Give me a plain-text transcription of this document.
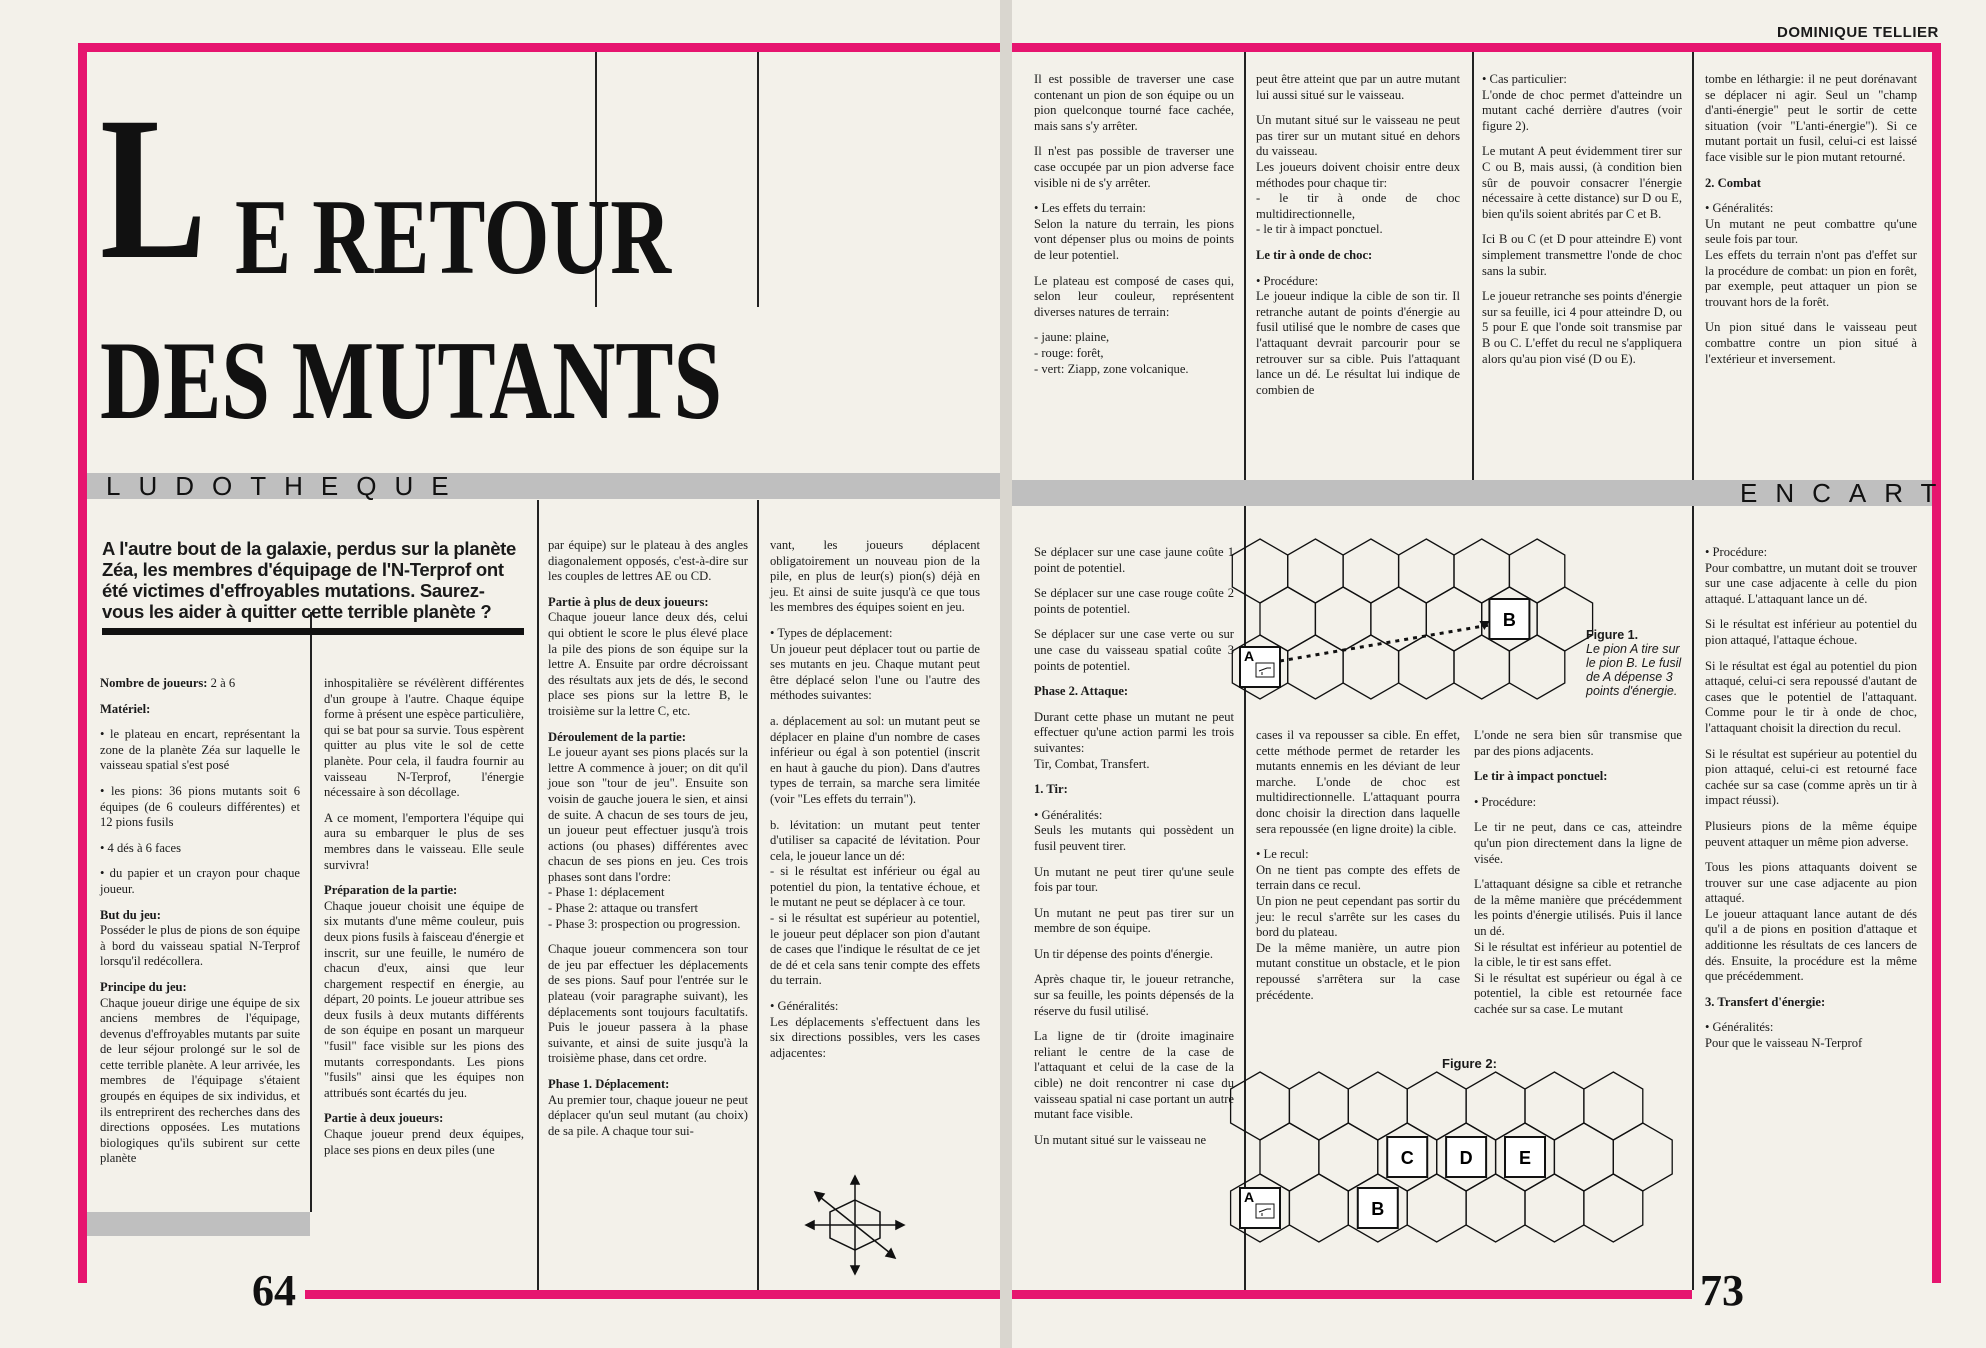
L E RETOUR
DES MUTANTS
LUDOTHEQUE
A l'autre bout de la galaxie, perdus sur la planète Zéa, les membres d'équipage de l'N-Terprof ont été victimes d'effroyables mutations. Saurez-vous les aider à quitter cette terrible planète ?

Nombre de joueurs: 2 à 6

Matériel:

• le plateau en encart, représentant la zone de la planète Zéa sur laquelle le vaisseau spatial s'est posé

• les pions: 36 pions mutants soit 6 équipes (de 6 couleurs différentes) et 12 pions fusils

• 4 dés à 6 faces

• du papier et un crayon pour chaque joueur.

But du jeu:
Posséder le plus de pions de son équipe à bord du vaisseau spatial N-Terprof lorsqu'il redécollera.

Principe du jeu:
Chaque joueur dirige une équipe de six anciens membres de l'équipage, devenus d'effroyables mutants par suite de leur séjour prolongé sur le sol de cette terrible planète. A leur arrivée, les membres de l'équipage s'étaient groupés en équipes de six individus, et ils entreprirent des recherches dans des directions opposées. Les mutations biologiques qu'ils subirent sur cette planète

inhospitalière se révélèrent différentes d'un groupe à l'autre. Chaque équipe forme à présent une espèce particulière, qui se bat pour sa survie. Tous espèrent quitter au plus vite le sol de cette planète. Pour cela, il faudra fournir au vaisseau N-Terprof, l'énergie nécessaire à son décollage.

A ce moment, l'emportera l'équipe qui aura su embarquer le plus de ses membres dans le vaisseau. Elle seule survivra!

Préparation de la partie:
Chaque joueur choisit une équipe de six mutants d'une même couleur, puis deux pions fusils à faisceau d'énergie et inscrit, sur une feuille, le numéro de chacun d'eux, ainsi que leur chargement respectif en énergie, au départ, 20 points. Le joueur attribue ses deux fusils à deux mutants différents de son équipe en posant un marqueur "fusil" face visible sur les pions des mutants correspondants. Les pions "fusils" ainsi que les équipes non attribués sont écartés du jeu.

Partie à deux joueurs:
Chaque joueur prend deux équipes, place ses pions en deux piles (une

par équipe) sur le plateau à des angles diagonalement opposés, c'est-à-dire sur les couples de lettres AE ou CD.

Partie à plus de deux joueurs:
Chaque joueur lance deux dés, celui qui obtient le score le plus élevé place la pile des pions de son équipe sur la lettre A. Ensuite par ordre décroissant des résultats aux jets de dés, le second place ses pions sur la lettre B, le troisième sur la lettre C, etc.

Déroulement de la partie:
Le joueur ayant ses pions placés sur la lettre A commence à jouer; on dit qu'il joue son "tour de jeu". Ensuite son voisin de gauche jouera le sien, et ainsi de suite. A chacun de ses tours de jeu, un joueur peut effectuer jusqu'à trois actions (ou phases) différentes avec chacun de ses pions en jeu. Ces trois phases sont dans l'ordre:
- Phase 1: déplacement
- Phase 2: attaque ou transfert
- Phase 3: prospection ou progression.

Chaque joueur commencera son tour de jeu par effectuer les déplacements de ses pions. Sauf pour l'entrée sur le plateau (voir paragraphe suivant), les déplacements sont toujours facultatifs. Puis le joueur passera à la phase suivante, et ainsi de suite jusqu'à la troisième phase, dans cet ordre.

Phase 1. Déplacement:
Au premier tour, chaque joueur ne peut déplacer qu'un seul mutant (au choix) de sa pile. A chaque tour sui-

vant, les joueurs déplacent obligatoirement un nouveau pion de la pile, en plus de leur(s) pion(s) déjà en jeu. Et ainsi de suite jusqu'à ce que tous les membres des équipes soient en jeu.

• Types de déplacement:
Un joueur peut déplacer tout ou partie de ses mutants en jeu. Chaque mutant peut être déplacé selon l'une ou l'autre des méthodes suivantes:

a. déplacement au sol: un mutant peut se déplacer en plaine d'un nombre de cases inférieur ou égal à son potentiel (inscrit en haut à gauche du pion). Dans d'autres types de terrain, sa marche sera limitée (voir "Les effets du terrain").

b. lévitation: un mutant peut tenter d'utiliser sa capacité de lévitation. Pour cela, le joueur lance un dé:
- si le résultat est inférieur ou égal au potentiel du pion, la tentative échoue, et le mutant ne peut se déplacer à ce tour.
- si le résultat est supérieur au potentiel, le joueur peut déplacer son pion d'autant de cases que l'indique le résultat de ce jet de dé et cela sans tenir compte des effets du terrain.

• Généralités:
Les déplacements s'effectuent dans les six directions possibles, vers les cases adjacentes:

64
DOMINIQUE TELLIER

Il est possible de traverser une case contenant un pion de son équipe ou un pion quelconque tourné face cachée, mais sans s'y arrêter.

Il n'est pas possible de traverser une case occupée par un pion adverse face visible ni de s'y arrêter.

• Les effets du terrain:
Selon la nature du terrain, les pions vont dépenser plus ou moins de points de leur potentiel.

Le plateau est composé de cases qui, selon leur couleur, représentent diverses natures de terrain:

- jaune: plaine,
- rouge: forêt,
- vert: Ziapp, zone volcanique.

peut être atteint que par un autre mutant lui aussi situé sur le vaisseau.

Un mutant situé sur le vaisseau ne peut pas tirer sur un mutant situé en dehors du vaisseau.
Les joueurs doivent choisir entre deux méthodes pour chaque tir:
- le tir à onde de choc multidirectionnelle,
- le tir à impact ponctuel.

Le tir à onde de choc:

• Procédure:
Le joueur indique la cible de son tir. Il retranche autant de points d'énergie au fusil utilisé que le nombre de cases que l'attaquant devrait parcourir pour se retrouver sur sa cible. Puis l'attaquant lance un dé. Le résultat lui indique de combien de

• Cas particulier:
L'onde de choc permet d'atteindre un mutant caché derrière d'autres (voir figure 2).

Le mutant A peut évidemment tirer sur C ou B, mais aussi, (à condition bien sûr de pouvoir consacrer l'énergie nécessaire à cette distance) sur D ou E, bien qu'ils soient abrités par C et B.

Ici B ou C (et D pour atteindre E) vont simplement transmettre l'onde de choc sans la subir.

Le joueur retranche ses points d'énergie sur sa feuille, ici 4 pour atteindre D, ou 5 pour E que l'onde soit transmise par B ou C. L'effet du recul ne s'appliquera alors qu'au pion visé (D ou E).

tombe en léthargie: il ne peut dorénavant se déplacer ni agir. Seul un "champ d'anti-énergie" peut le sortir de cette situation (voir "L'anti-énergie"). Si ce mutant portait un fusil, celui-ci est laissé face visible sur le pion mutant retourné.

2. Combat

• Généralités:
Un mutant ne peut combattre qu'une seule fois par tour.
Les effets du terrain n'ont pas d'effet sur la procédure de combat: un pion en forêt, par exemple, peut attaquer un pion se trouvant hors de la forêt.

Un pion situé dans le vaisseau peut combattre contre un pion situé à l'extérieur et inversement.

ENCART

Se déplacer sur une case jaune coûte 1 point de potentiel.

Se déplacer sur une case rouge coûte 2 points de potentiel.

Se déplacer sur une case verte ou sur une case du vaisseau spatial coûte 3 points de potentiel.

Phase 2. Attaque:

Durant cette phase un mutant ne peut effectuer qu'une action parmi les trois suivantes:
Tir, Combat, Transfert.

1. Tir:

• Généralités:
Seuls les mutants qui possèdent un fusil peuvent tirer.

Un mutant ne peut tirer qu'une seule fois par tour.

Un mutant ne peut pas tirer sur un membre de son équipe.

Un tir dépense des points d'énergie.

Après chaque tir, le joueur retranche, sur sa feuille, les points dépensés de la réserve du fusil utilisé.

La ligne de tir (droite imaginaire reliant le centre de la case de l'attaquant et celui de la case de la cible) ne doit rencontrer ni case du vaisseau spatial ni case portant un autre mutant face visible.

Un mutant situé sur le vaisseau ne

cases il va repousser sa cible. En effet, cette méthode permet de retarder les mutants ennemis en les déviant de leur marche. L'onde de choc est multidirectionnelle. L'attaquant pourra donc choisir la direction dans laquelle sera repoussée (en ligne droite) la cible.

• Le recul:
On ne tient pas compte des effets de terrain dans ce recul.
Un pion ne peut cependant pas sortir du jeu: le recul s'arrête sur les cases du bord du plateau.
De la même manière, un autre pion mutant constitue un obstacle, et le pion repoussé s'arrêtera sur la case précédente.

L'onde ne sera bien sûr transmise que par des pions adjacents.

Le tir à impact ponctuel:

• Procédure:

Le tir ne peut, dans ce cas, atteindre qu'un pion directement dans la ligne de visée.

L'attaquant désigne sa cible et retranche de la même manière que précédemment les points d'énergie utilisés. Puis il lance un dé.
Si le résultat est inférieur au potentiel de la cible, le tir est sans effet.
Si le résultat est supérieur ou égal à ce potentiel, la cible est retournée face cachée sur sa case. Le mutant

• Procédure:
Pour combattre, un mutant doit se trouver sur une case adjacente à celle du pion attaqué. L'attaquant lance un dé.

Si le résultat est inférieur au potentiel du pion attaqué, l'attaque échoue.

Si le résultat est égal au potentiel du pion attaqué, celui-ci sera repoussé d'autant de cases que le potentiel de l'attaquant. Comme pour le tir à onde de choc, l'attaquant choisit la direction du recul.

Si le résultat est supérieur au potentiel du pion attaqué, celui-ci est retourné face cachée sur sa case (comme après un tir à impact réussi).

Plusieurs pions de la même équipe peuvent attaquer un même pion adverse.

Tous les pions attaquants doivent se trouver sur une case adjacente au pion attaqué.
Le joueur attaquant lance autant de dés qu'il a de pions en position d'attaque et additionne les résultats de ces lancers de dés. Ensuite, la procédure est la même que précédemment.

3. Transfert d'énergie:

• Généralités:
Pour que le vaisseau N-Terprof

A
B
Figure 1.
Le pion A tire sur le pion B. Le fusil de A dépense 3 points d'énergie.
Figure 2:
A
B
C	D	E
73
